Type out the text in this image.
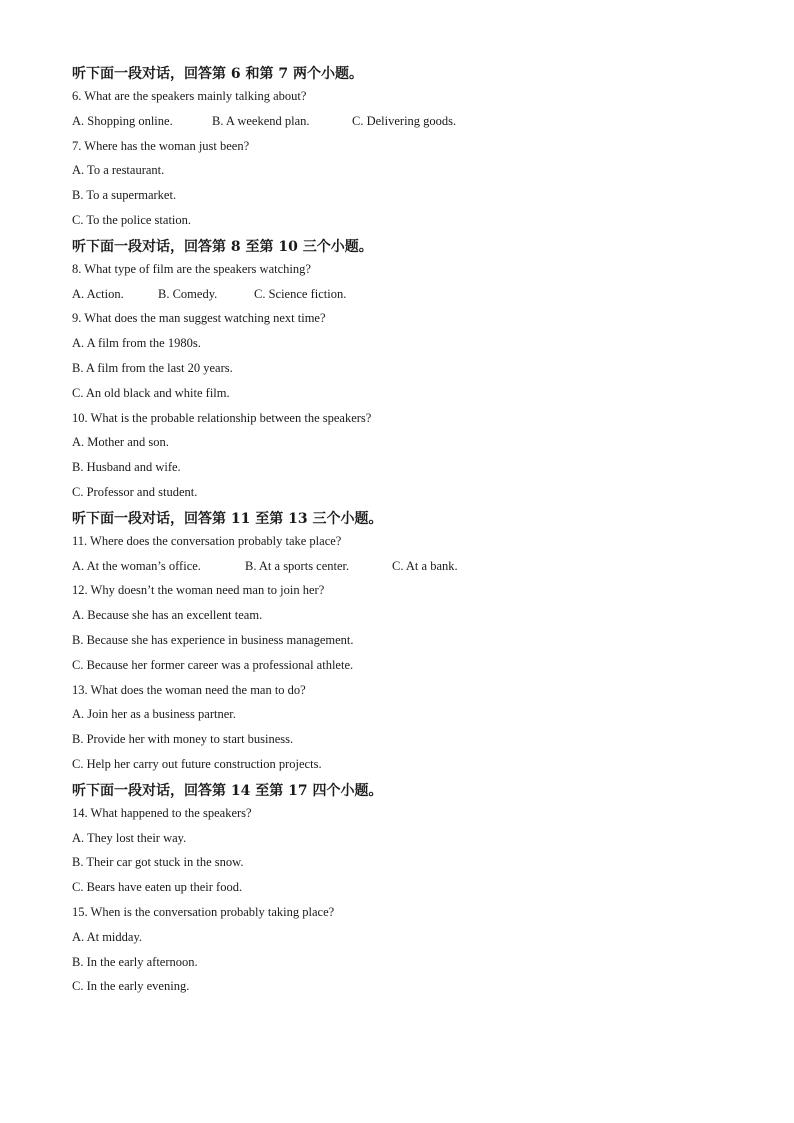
听下面一段对话，回答第 6 和第 7 两个小题。
6. What are the speakers mainly talking about?
A. Shopping online.	B. A weekend plan.	C. Delivering goods.
7. Where has the woman just been?
A. To a restaurant.
B. To a supermarket.
C. To the police station.
听下面一段对话，回答第 8 至第 10 三个小题。
8. What type of film are the speakers watching?
A. Action.	B. Comedy.	C. Science fiction.
9. What does the man suggest watching next time?
A. A film from the 1980s.
B. A film from the last 20 years.
C. An old black and white film.
10. What is the probable relationship between the speakers?
A. Mother and son.
B. Husband and wife.
C. Professor and student.
听下面一段对话，回答第 11 至第 13 三个小题。
11. Where does the conversation probably take place?
A. At the woman’s office.	B. At a sports center.	C. At a bank.
12. Why doesn’t the woman need man to join her?
A. Because she has an excellent team.
B. Because she has experience in business management.
C. Because her former career was a professional athlete.
13. What does the woman need the man to do?
A. Join her as a business partner.
B. Provide her with money to start business.
C. Help her carry out future construction projects.
听下面一段对话，回答第 14 至第 17 四个小题。
14. What happened to the speakers?
A. They lost their way.
B. Their car got stuck in the snow.
C. Bears have eaten up their food.
15. When is the conversation probably taking place?
A. At midday.
B. In the early afternoon.
C. In the early evening.
